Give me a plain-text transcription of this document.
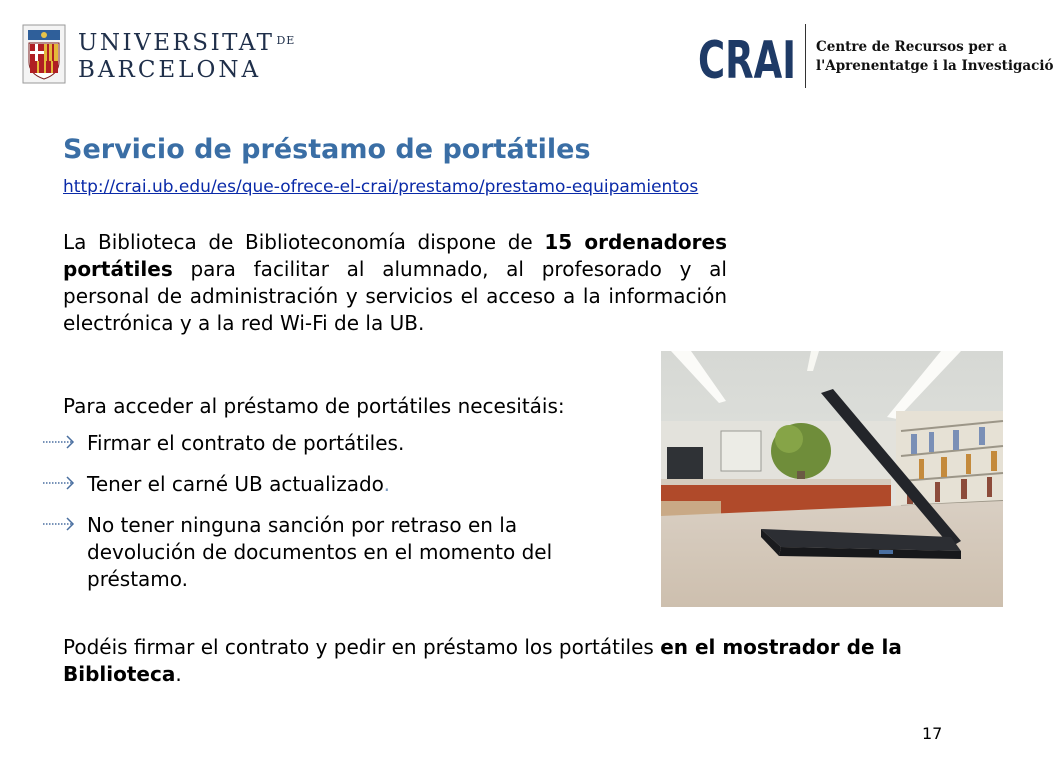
UNIVERSITAT $^{DE}$
BARCELONA	CRAI Centre de Recursos per a
l'Aprenentatge i la Investigació
Servicio de préstamo de portátiles
http://crai.ub.edu/es/que-ofrece-el-crai/prestamo/prestamo-equipamientos
La Biblioteca de Biblioteconomía dispone de 15 ordenadores portátiles para facilitar al alumnado, al profesorado y al personal de administración y servicios el acceso a la información electrónica y a la red Wi-Fi de la UB.
Para acceder al préstamo de portátiles necesitáis:
Firmar el contrato de portátiles.
Tener el carné UB actualizado.
No tener ninguna sanción por retraso en la devolución de documentos en el momento del préstamo.
Podéis firmar el contrato y pedir en préstamo los portátiles en el mostrador de la Biblioteca.
17
